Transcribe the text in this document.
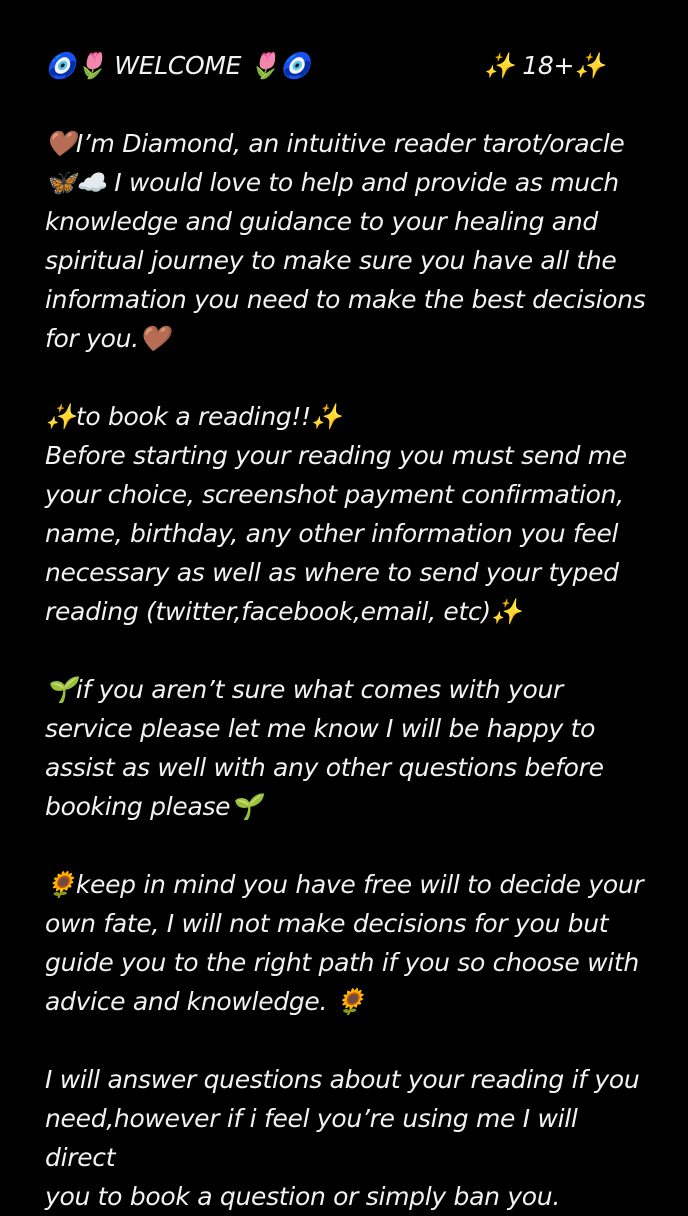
🧿🌷 WELCOME 🌷🧿	✨ 18+✨

🤎I’m Diamond, an intuitive reader tarot/oracle
🦋☁️ I would love to help and provide as much
knowledge and guidance to your healing and
spiritual journey to make sure you have all the
information you need to make the best decisions
for you.🤎

✨to book a reading!!✨

Before starting your reading you must send me
your choice, screenshot payment confirmation,
name, birthday, any other information you feel
necessary as well as where to send your typed
reading (twitter,facebook,email, etc)✨

🌱if you aren’t sure what comes with your
service please let me know I will be happy to
assist as well with any other questions before
booking please🌱

🌻keep in mind you have free will to decide your
own fate, I will not make decisions for you but
guide you to the right path if you so choose with
advice and knowledge. 🌻

I will answer questions about your reading if you
need,however if i feel you’re using me I will direct
you to book a question or simply ban you.
